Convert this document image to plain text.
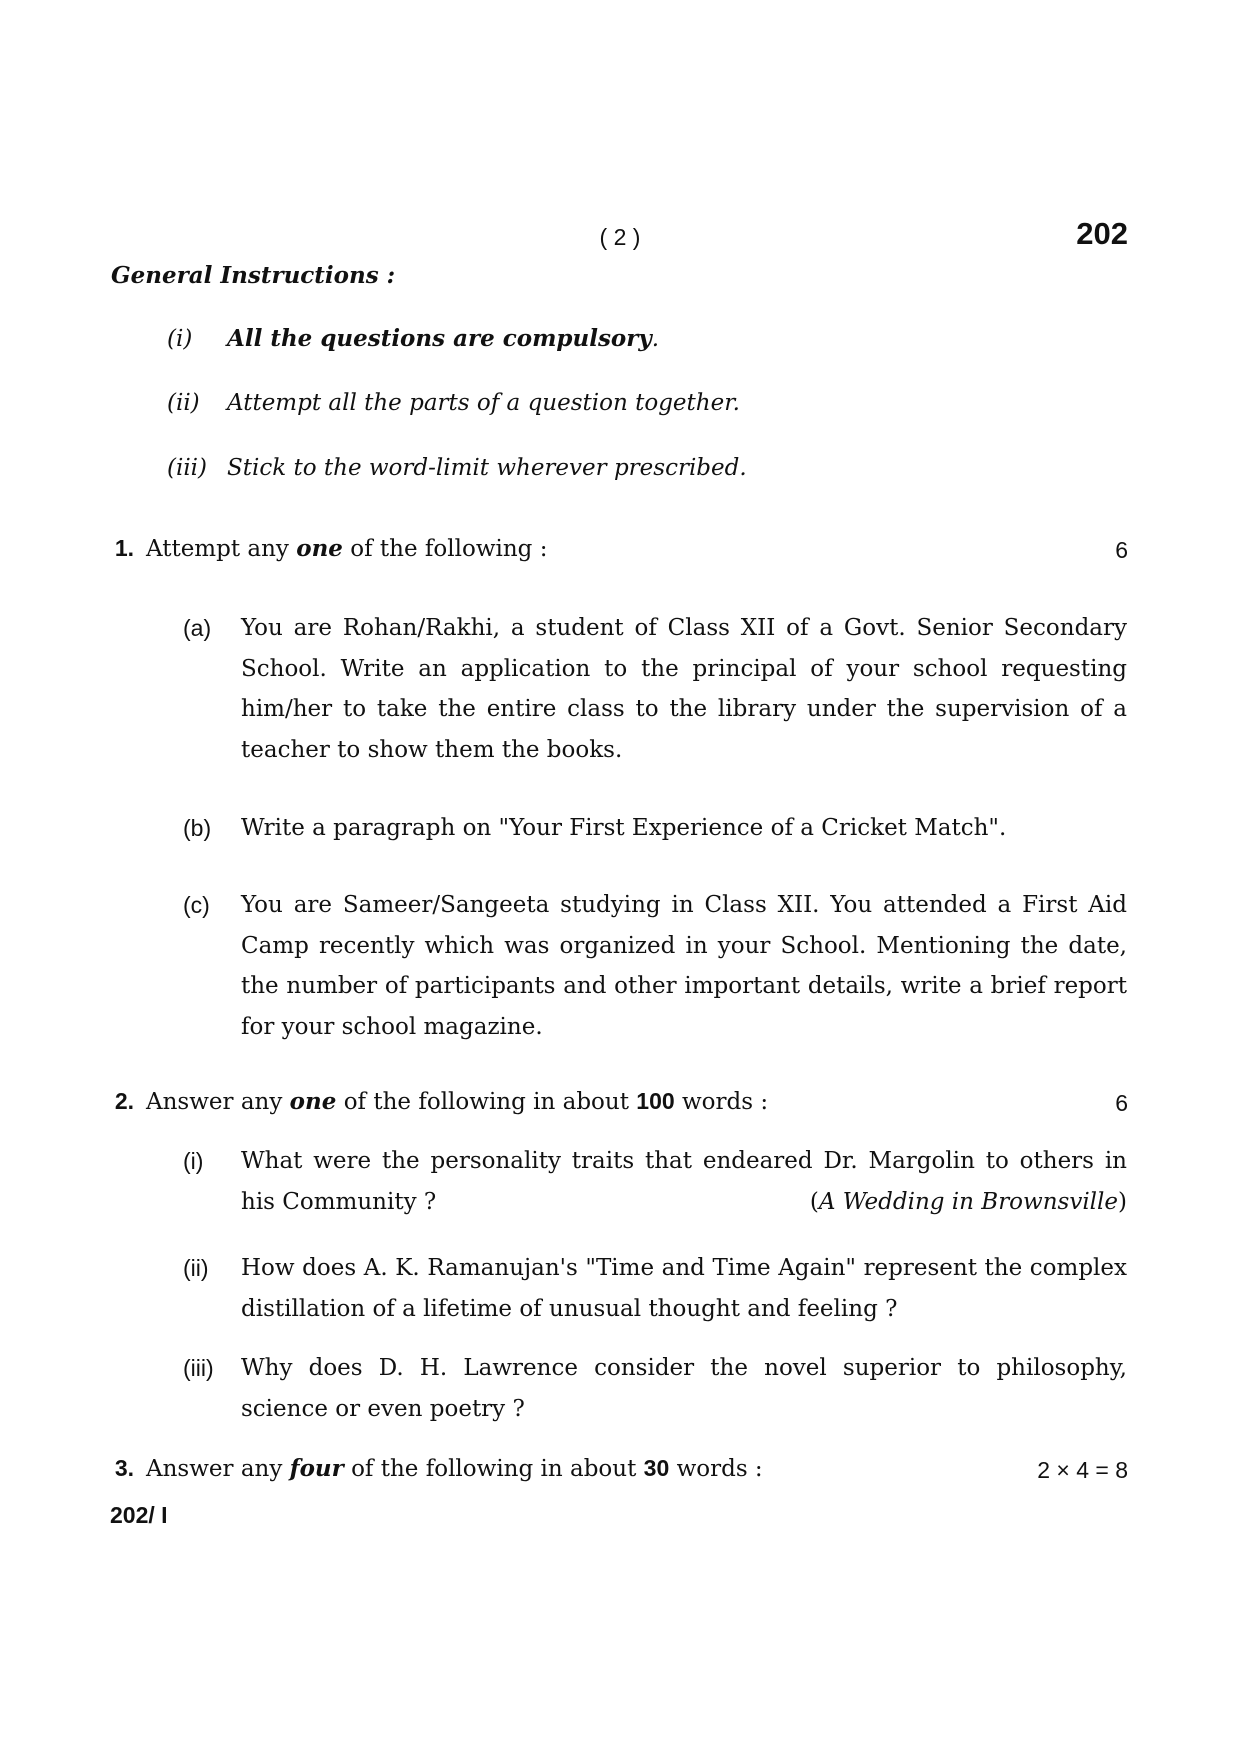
( 2 )	202
General Instructions :
(i) All the questions are compulsory.
(ii) Attempt all the parts of a question together.
(iii) Stick to the word-limit wherever prescribed.
1. Attempt any one of the following :	6
(a) You are Rohan/Rakhi, a student of Class XII of a Govt. Senior Secondary School. Write an application to the principal of your school requesting him/her to take the entire class to the library under the supervision of a teacher to show them the books.
(b) Write a paragraph on "Your First Experience of a Cricket Match".
(c) You are Sameer/Sangeeta studying in Class XII. You attended a First Aid Camp recently which was organized in your School. Mentioning the date, the number of participants and other important details, write a brief report for your school magazine.
2. Answer any one of the following in about 100 words :	6
(i) What were the personality traits that endeared Dr. Margolin to others in his Community ?	(A Wedding in Brownsville)
(ii) How does A. K. Ramanujan's "Time and Time Again" represent the complex distillation of a lifetime of unusual thought and feeling ?
(iii) Why does D. H. Lawrence consider the novel superior to philosophy, science or even poetry ?
3. Answer any four of the following in about 30 words :	2 × 4 = 8
202/ I
